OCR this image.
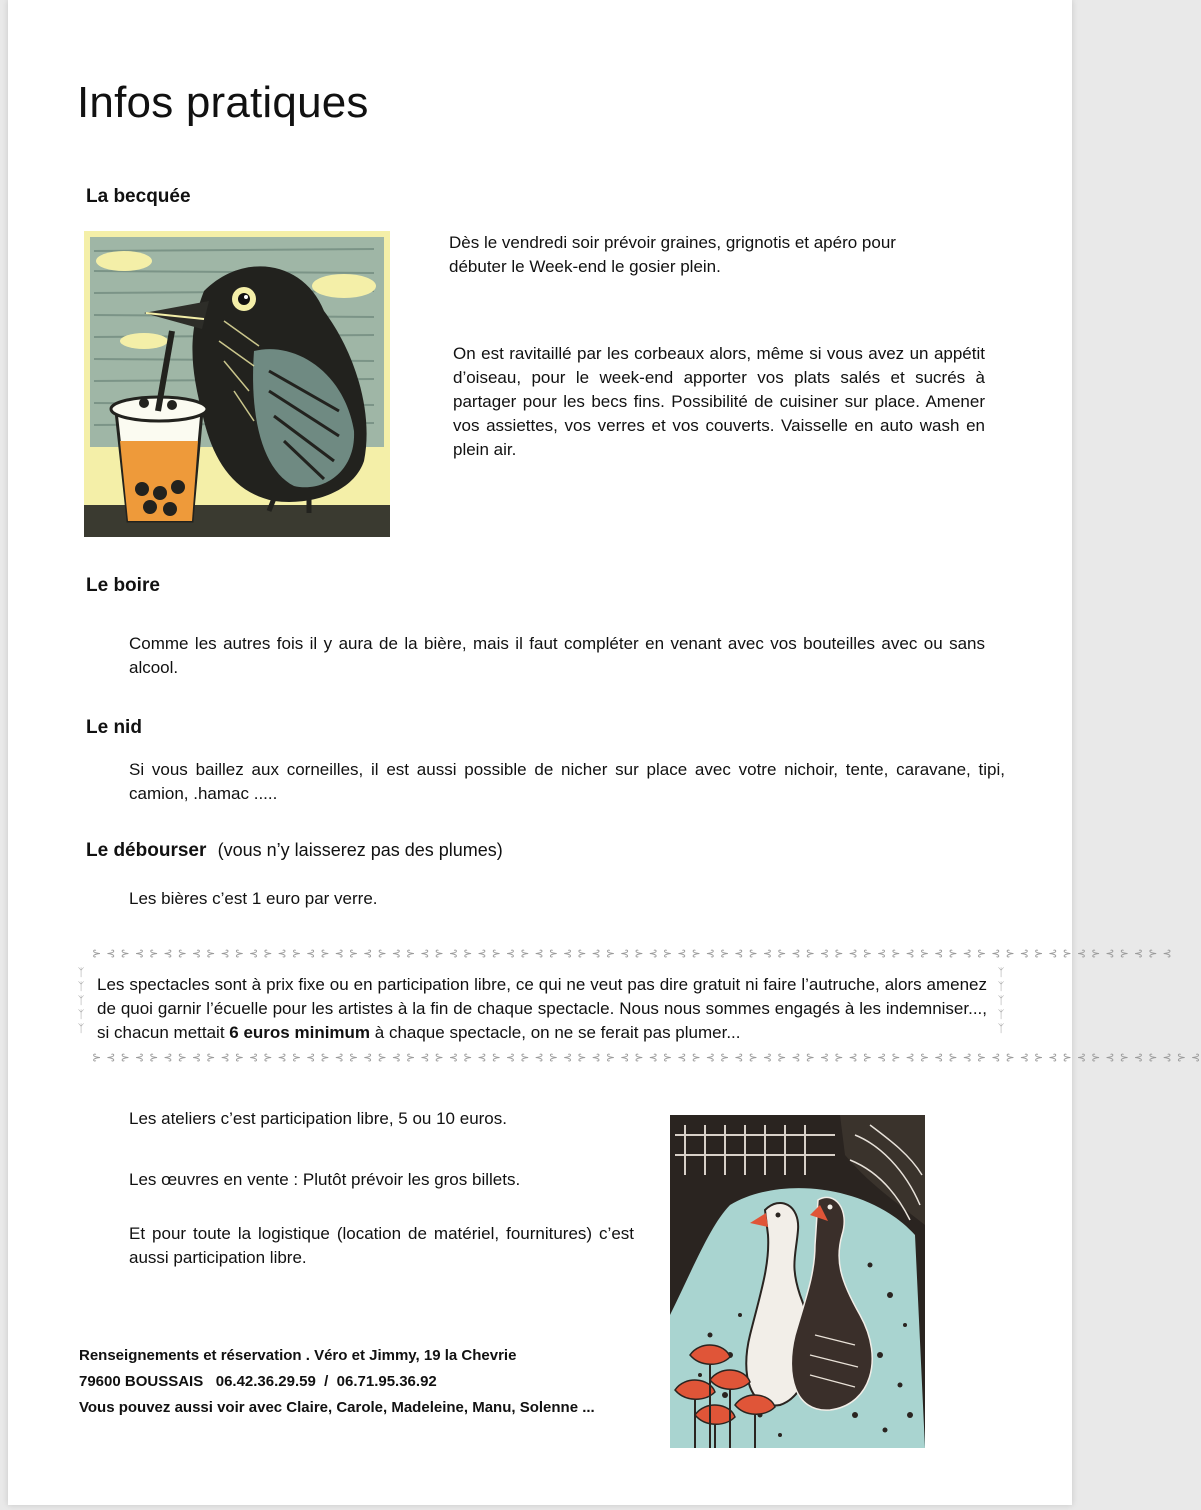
Infos pratiques
La becquée
Dès le vendredi soir prévoir graines, grignotis et apéro pour débuter le Week-end le gosier plein.
On est ravitaillé par les corbeaux alors, même si vous avez un appétit d’oiseau, pour le week-end apporter vos plats salés et sucrés à partager pour les becs fins. Possibilité de cuisiner sur place. Amener vos assiettes, vos verres et vos couverts. Vaisselle en auto wash en plein air.
Le boire
Comme les autres fois il y aura de la bière, mais il faut compléter en venant avec vos bouteilles avec ou sans alcool.
Le nid
Si vous baillez aux corneilles, il est aussi possible de nicher sur place avec votre nichoir, tente, caravane, tipi, camion, .hamac .....
Le débourser (vous n’y laisserez pas des plumes)
Les bières c’est 1 euro par verre.
⊱ ⊰ ⊱ ⊰ ⊱ ⊰ ⊱ ⊰ ⊱ ⊰ ⊱ ⊰ ⊱ ⊰ ⊱ ⊰ ⊱ ⊰ ⊱ ⊰ ⊱ ⊰ ⊱ ⊰ ⊱ ⊰ ⊱ ⊰ ⊱ ⊰ ⊱ ⊰ ⊱ ⊰ ⊱ ⊰ ⊱ ⊰ ⊱ ⊰ ⊱ ⊰ ⊱ ⊰ ⊱ ⊰ ⊱ ⊰ ⊱ ⊰ ⊱ ⊰ ⊱ ⊰ ⊱ ⊰ ⊱ ⊰ ⊱ ⊰ ⊱ ⊰ ⊱ ⊰ ⊱ ⊰ ⊱ ⊰ ⊱ ⊰ ⊱ ⊰ ⊱ ⊰ ⊱ ⊰
ᛉ
ᛉ
ᛉ
ᛉ
ᛉ
ᛉ
ᛉ
ᛉ
ᛉ
ᛉ
Les spectacles sont à prix fixe ou en participation libre, ce qui ne veut pas dire gratuit ni faire l’autruche, alors amenez de quoi garnir l’écuelle pour les artistes à la fin de chaque spectacle. Nous nous sommes engagés à les indemniser..., si chacun mettait 6 euros minimum à chaque spectacle, on ne se ferait pas plumer...
⊱ ⊰ ⊱ ⊰ ⊱ ⊰ ⊱ ⊰ ⊱ ⊰ ⊱ ⊰ ⊱ ⊰ ⊱ ⊰ ⊱ ⊰ ⊱ ⊰ ⊱ ⊰ ⊱ ⊰ ⊱ ⊰ ⊱ ⊰ ⊱ ⊰ ⊱ ⊰ ⊱ ⊰ ⊱ ⊰ ⊱ ⊰ ⊱ ⊰ ⊱ ⊰ ⊱ ⊰ ⊱ ⊰ ⊱ ⊰ ⊱ ⊰ ⊱ ⊰ ⊱ ⊰ ⊱ ⊰ ⊱ ⊰ ⊱ ⊰ ⊱ ⊰ ⊱ ⊰ ⊱ ⊰ ⊱ ⊰ ⊱ ⊰ ⊱ ⊰ ⊱ ⊰ ⊱ ⊰ ⊱ ⊰
Les ateliers c’est participation libre, 5 ou 10 euros.
Les œuvres en vente : Plutôt prévoir les gros billets.
Et pour toute la logistique (location de matériel, fournitures) c’est aussi participation libre.
Renseignements et réservation . Véro et Jimmy, 19 la Chevrie
79600 BOUSSAIS   06.42.36.29.59  /  06.71.95.36.92
Vous pouvez aussi voir avec Claire, Carole, Madeleine, Manu, Solenne ...
